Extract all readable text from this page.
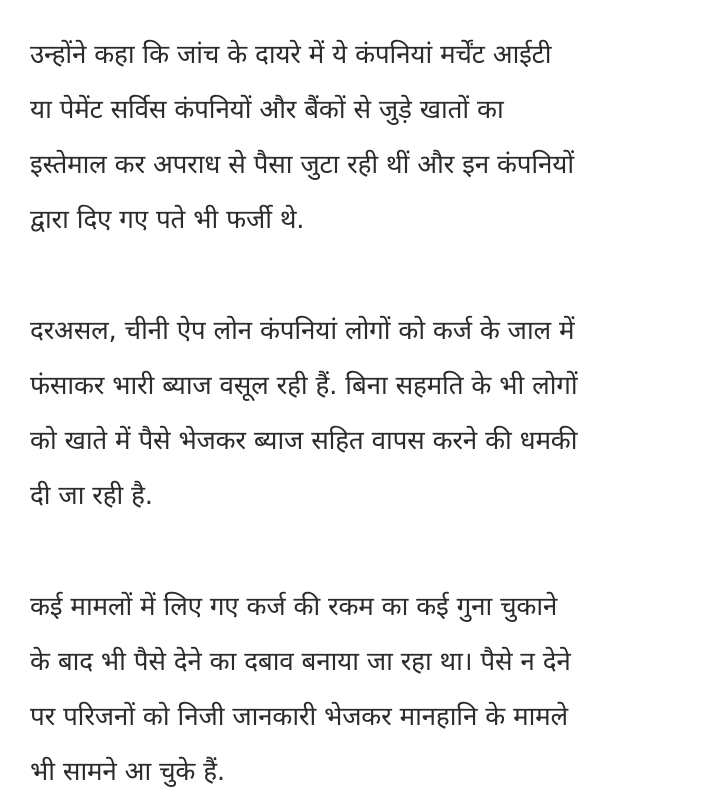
उन्होंने कहा कि जांच के दायरे में ये कंपनियां मर्चेंट आईटी
या पेमेंट सर्विस कंपनियों और बैंकों से जुड़े खातों का
इस्तेमाल कर अपराध से पैसा जुटा रही थीं और इन कंपनियों
द्वारा दिए गए पते भी फर्जी थे.

दरअसल, चीनी ऐप लोन कंपनियां लोगों को कर्ज के जाल में
फंसाकर भारी ब्याज वसूल रही हैं. बिना सहमति के भी लोगों
को खाते में पैसे भेजकर ब्याज सहित वापस करने की धमकी
दी जा रही है.

कई मामलों में लिए गए कर्ज की रकम का कई गुना चुकाने
के बाद भी पैसे देने का दबाव बनाया जा रहा था। पैसे न देने
पर परिजनों को निजी जानकारी भेजकर मानहानि के मामले
भी सामने आ चुके हैं.
